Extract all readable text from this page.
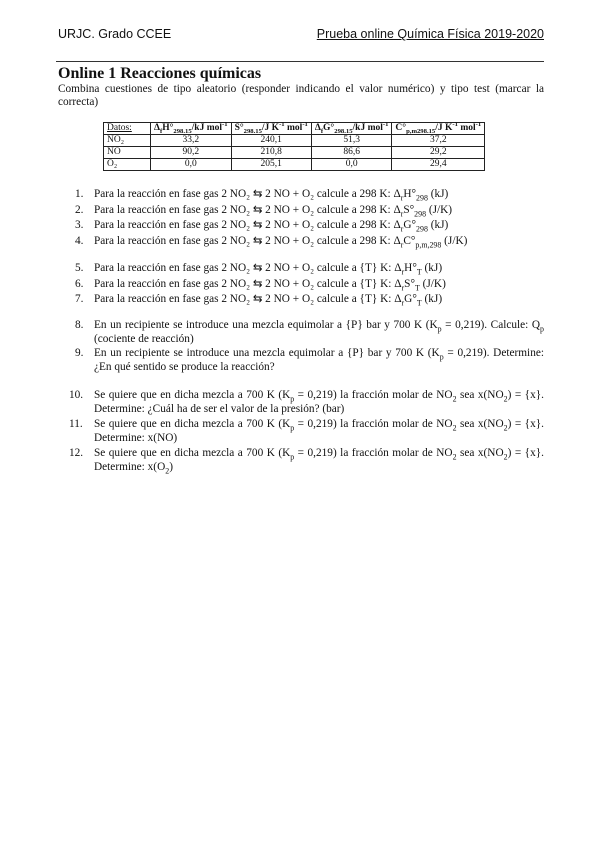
URJC. Grado CCEE	Prueba online Química Física 2019-2020
Online 1 Reacciones químicas
Combina cuestiones de tipo aleatorio (responder indicando el valor numérico) y tipo test (marcar la correcta)
Datos:	$\Delta_fH^\circ_{298.15}/kJ$ mol$^{-1}$	$S^\circ_{298.15}/J$ $K^{-1}$ mol$^{-1}$	$\Delta_fG^\circ_{298.15}/kJ$ mol$^{-1}$	$C^\circ_{p,m298.15}/J$ $K^{-1}$ mol$^{-1}$
NO₂	33,2	240,1	51,3	37,2
NO	90,2	210,8	86,6	29,2
O₂	0,0	205,1	0,0	29,4
1. Para la reacción en fase gas 2 NO₂ ⇆ 2 NO + O₂ calcule a 298 K: $\Delta_rH^\circ_{298}$ (kJ)
2. Para la reacción en fase gas 2 NO₂ ⇆ 2 NO + O₂ calcule a 298 K: $\Delta_rS^\circ_{298}$ (J/K)
3. Para la reacción en fase gas 2 NO₂ ⇆ 2 NO + O₂ calcule a 298 K: $\Delta_rG^\circ_{298}$ (kJ)
4. Para la reacción en fase gas 2 NO₂ ⇆ 2 NO + O₂ calcule a 298 K: $\Delta_rC^\circ_{p,m,298}$ (J/K)
5. Para la reacción en fase gas 2 NO₂ ⇆ 2 NO + O₂ calcule a {T} K: $\Delta_rH^\circ_T$ (kJ)
6. Para la reacción en fase gas 2 NO₂ ⇆ 2 NO + O₂ calcule a {T} K: $\Delta_rS^\circ_T$ (J/K)
7. Para la reacción en fase gas 2 NO₂ ⇆ 2 NO + O₂ calcule a {T} K: $\Delta_rG^\circ_T$ (kJ)
8. En un recipiente se introduce una mezcla equimolar a {P} bar y 700 K $(K_p = 0,219)$. Calcule: $Q_p$ (cociente de reacción)
9. En un recipiente se introduce una mezcla equimolar a {P} bar y 700 K $(K_p = 0,219)$. Determine: ¿En qué sentido se produce la reacción?
10. Se quiere que en dicha mezcla a 700 K $(K_p = 0,219)$ la fracción molar de $NO_2$ sea $x(NO_2) = \{x\}$. Determine: ¿Cuál ha de ser el valor de la presión? (bar)
11. Se quiere que en dicha mezcla a 700 K $(K_p = 0,219)$ la fracción molar de $NO_2$ sea $x(NO_2) = \{x\}$. Determine: x(NO)
12. Se quiere que en dicha mezcla a 700 K $(K_p = 0,219)$ la fracción molar de $NO_2$ sea $x(NO_2) = \{x\}$. Determine: $x(O_2)$
